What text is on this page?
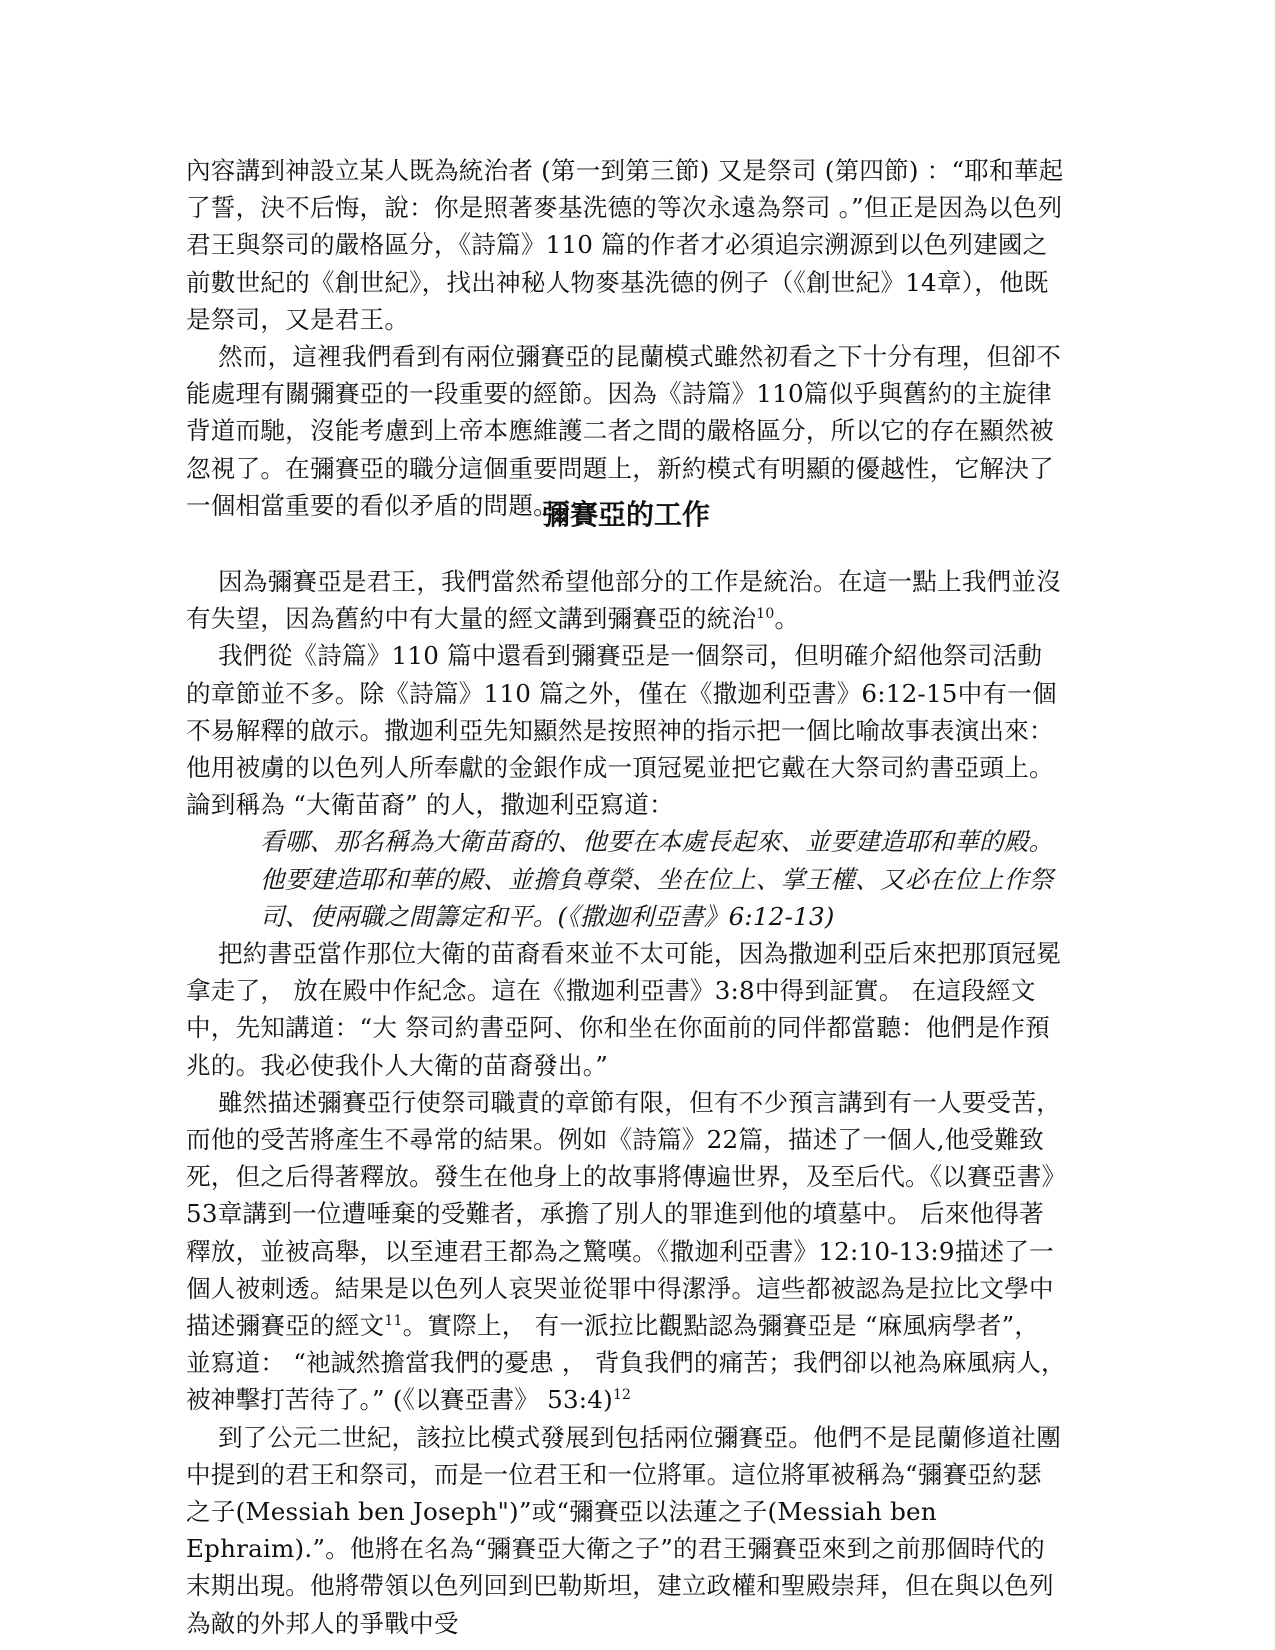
內容講到神設立某人既為統治者 (第一到第三節) 又是祭司 (第四節) ：“耶和華起了誓，決不后悔，說：你是照著麥基洗德的等次永遠為祭司 。”但正是因為以色列君王與祭司的嚴格區分，《詩篇》110 篇的作者才必須追宗溯源到以色列建國之前數世紀的《創世紀》，找出神秘人物麥基洗德的例子（《創世紀》14章），他既是祭司，又是君王。

然而，這裡我們看到有兩位彌賽亞的昆蘭模式雖然初看之下十分有理，但卻不能處理有關彌賽亞的一段重要的經節。因為《詩篇》110篇似乎與舊約的主旋律背道而馳，沒能考慮到上帝本應維護二者之間的嚴格區分，所以它的存在顯然被忽視了。在彌賽亞的職分這個重要問題上，新約模式有明顯的優越性，它解決了一個相當重要的看似矛盾的問題。

彌賽亞的工作

因為彌賽亞是君王，我們當然希望他部分的工作是統治。在這一點上我們並沒有失望，因為舊約中有大量的經文講到彌賽亞的統治$^{10}$。

我們從《詩篇》110 篇中還看到彌賽亞是一個祭司，但明確介紹他祭司活動的章節並不多。除《詩篇》110 篇之外，僅在《撒迦利亞書》6:12-15中有一個不易解釋的啟示。撒迦利亞先知顯然是按照神的指示把一個比喻故事表演出來：他用被虜的以色列人所奉獻的金銀作成一頂冠冕並把它戴在大祭司約書亞頭上。 論到稱為 “大衛苗裔” 的人，撒迦利亞寫道：

看哪、那名稱為大衛苗裔的、他要在本處長起來、並要建造耶和華的殿。他要建造耶和華的殿、並擔負尊榮、坐在位上、掌王權、又必在位上作祭司、使兩職之間籌定和平。(《撒迦利亞書》6:12-13)

把約書亞當作那位大衛的苗裔看來並不太可能，因為撒迦利亞后來把那頂冠冕拿走了， 放在殿中作紀念。這在《撒迦利亞書》3:8中得到証實。 在這段經文中，先知講道：“大 祭司約書亞阿、你和坐在你面前的同伴都當聽：他們是作預兆的。我必使我仆人大衛的苗裔發出。”

雖然描述彌賽亞行使祭司職責的章節有限，但有不少預言講到有一人要受苦，而他的受苦將產生不尋常的結果。例如《詩篇》22篇，描述了一個人,他受難致死，但之后得著釋放。發生在他身上的故事將傳遍世界，及至后代。《以賽亞書》53章講到一位遭唾棄的受難者，承擔了別人的罪進到他的墳墓中。 后來他得著釋放，並被高舉，以至連君王都為之驚嘆。《撒迦利亞書》12:10-13:9描述了一個人被刺透。結果是以色列人哀哭並從罪中得潔淨。這些都被認為是拉比文學中描述彌賽亞的經文$^{11}$。實際上， 有一派拉比觀點認為彌賽亞是 “麻風病學者”，　並寫道： “祂誠然擔當我們的憂患 ， 背負我們的痛苦；我們卻以祂為麻風病人，被神擊打苦待了。” (《以賽亞書》 53:4)$^{12}$

到了公元二世紀，該拉比模式發展到包括兩位彌賽亞。他們不是昆蘭修道社團中提到的君王和祭司，而是一位君王和一位將軍。這位將軍被稱為“彌賽亞約瑟之子(Messiah ben Joseph")”或“彌賽亞以法蓮之子(Messiah ben Ephraim).”。他將在名為“彌賽亞大衛之子”的君王彌賽亞來到之前那個時代的末期出現。他將帶領以色列回到巴勒斯坦，建立政權和聖殿崇拜，但在與以色列為敵的外邦人的爭戰中受
